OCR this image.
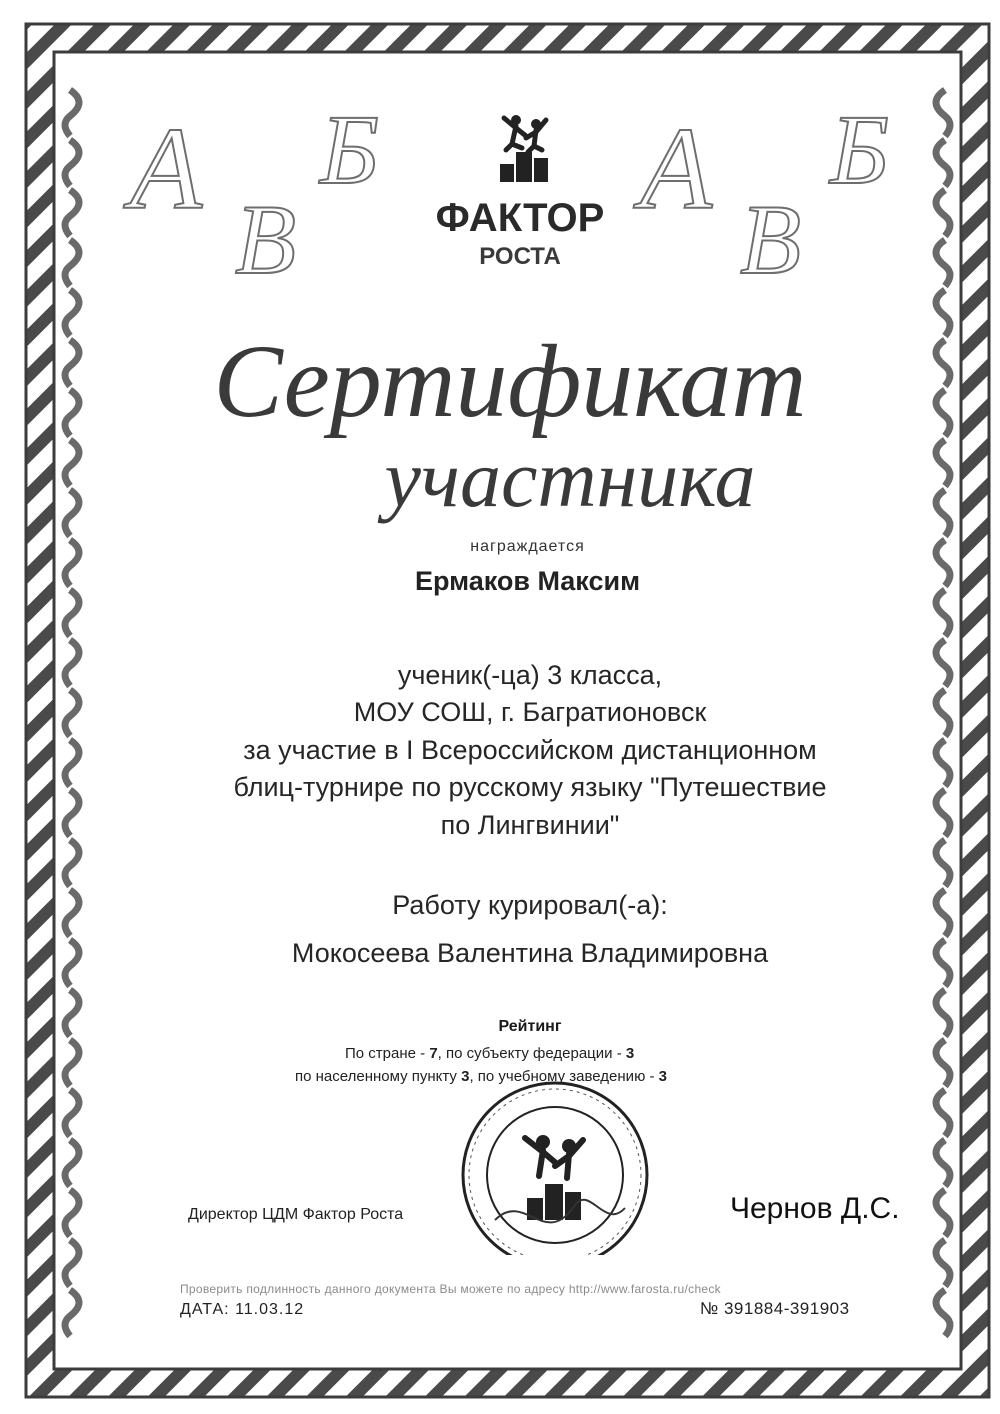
А Б
В
А Б
В
ФАКТОР
РОСТА
Сертификат
участника
награждается
Ермаков Максим
ученик(-ца) 3 класса,
МОУ СОШ, г. Багратионовск
за участие в I Всероссийском дистанционном
блиц-турнире по русскому языку "Путешествие
по Лингвинии"
Работу курировал(-а):
Мокосеева Валентина Владимировна
Рейтинг
По стране - 7, по субъекту федерации - 3
по населенному пункту 3, по учебному заведению - 3
Директор ЦДМ Фактор Роста	Чернов Д.С.
Проверить подлинность данного документа Вы можете по адресу http://www.farosta.ru/check
ДАТА: 11.03.12	№ 391884-391903
